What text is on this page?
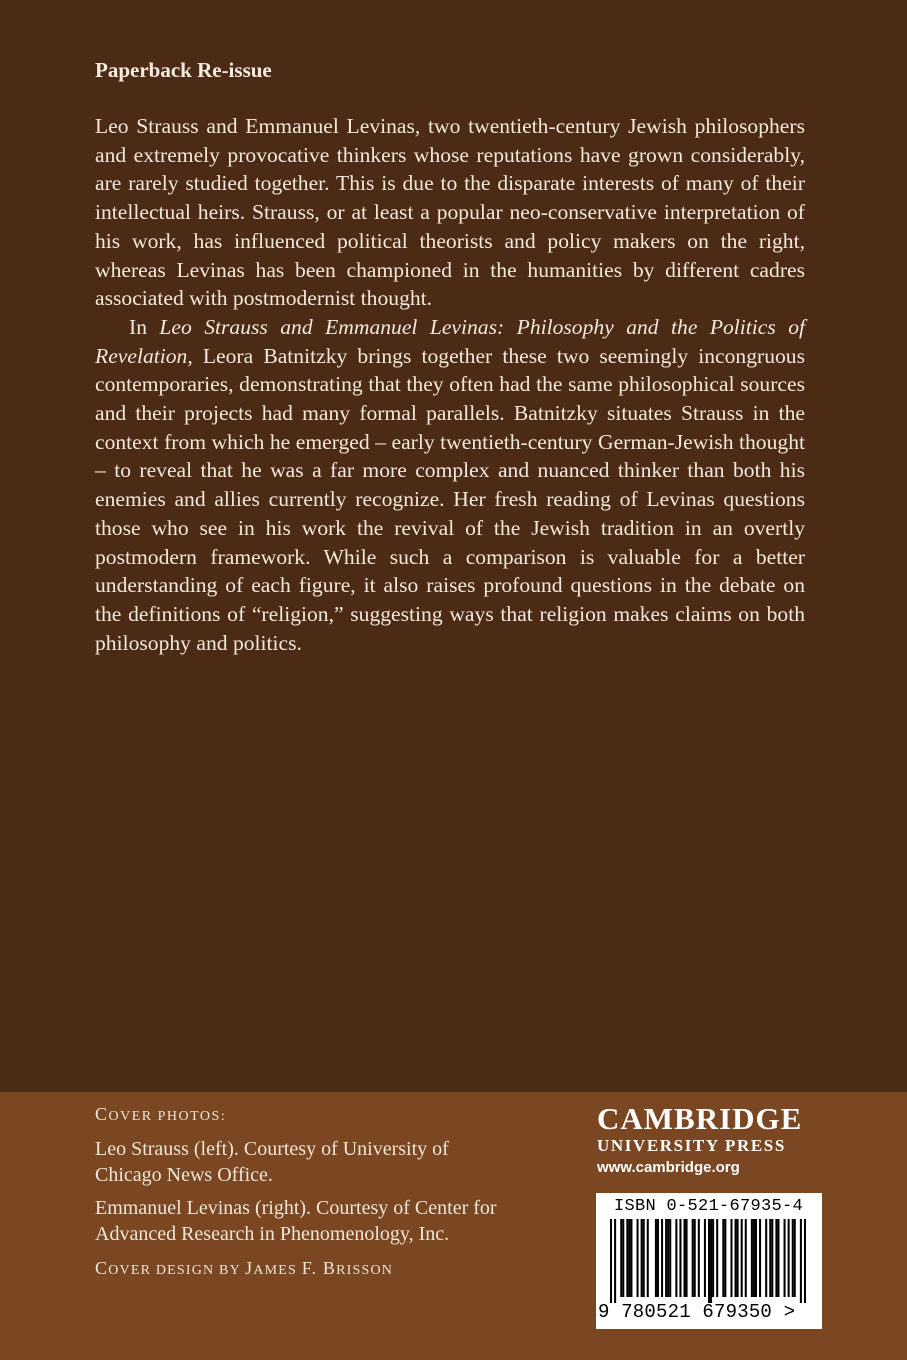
Paperback Re-issue

Leo Strauss and Emmanuel Levinas, two twentieth-century Jewish philosophers and extremely provocative thinkers whose reputations have grown considerably, are rarely studied together. This is due to the disparate interests of many of their intellectual heirs. Strauss, or at least a popular neo-conservative interpretation of his work, has influenced political theorists and policy makers on the right, whereas Levinas has been championed in the humanities by different cadres associated with postmodernist thought.

In Leo Strauss and Emmanuel Levinas: Philosophy and the Politics of Revelation, Leora Batnitzky brings together these two seemingly incongruous contemporaries, demonstrating that they often had the same philosophical sources and their projects had many formal parallels. Batnitzky situates Strauss in the context from which he emerged – early twentieth-century German-Jewish thought – to reveal that he was a far more complex and nuanced thinker than both his enemies and allies currently recognize. Her fresh reading of Levinas questions those who see in his work the revival of the Jewish tradition in an overtly postmodern framework. While such a comparison is valuable for a better understanding of each figure, it also raises profound questions in the debate on the definitions of “religion,” suggesting ways that religion makes claims on both philosophy and politics.

COVER PHOTOS:
Leo Strauss (left). Courtesy of University of Chicago News Office.
Emmanuel Levinas (right). Courtesy of Center for Advanced Research in Phenomenology, Inc.
COVER DESIGN BY JAMES F. BRISSON
CAMBRIDGE
UNIVERSITY PRESS
www.cambridge.org
ISBN 0-521-67935-4
9 780521 679350 >
